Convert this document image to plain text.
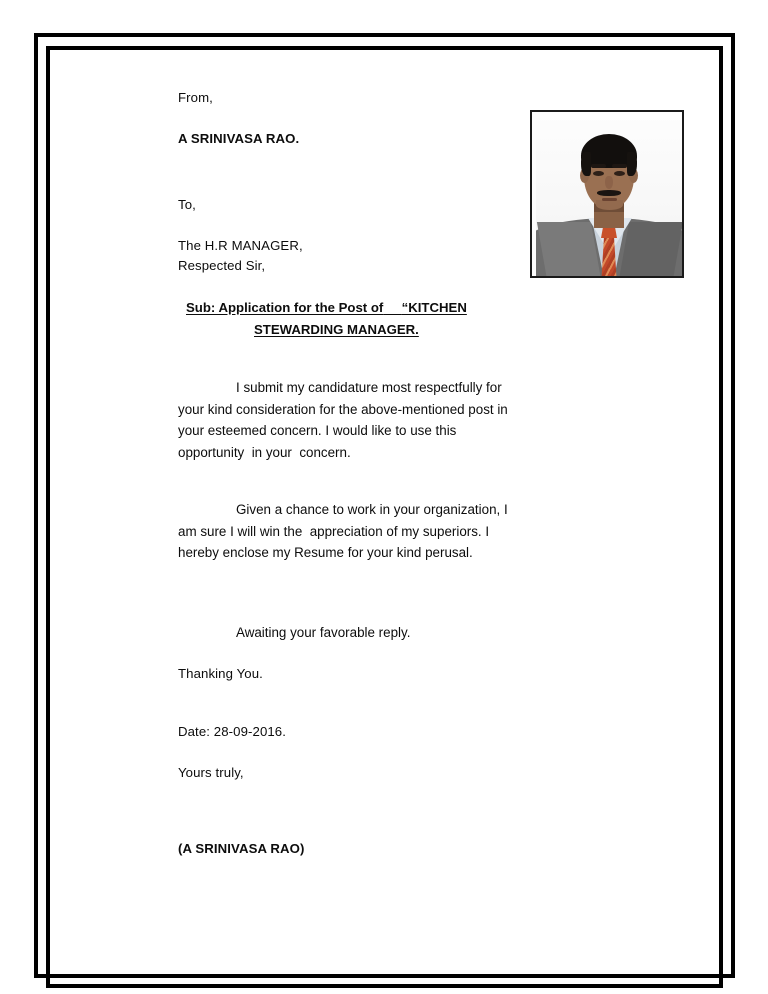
From,

A SRINIVASA RAO.

To,

The H.R MANAGER,

Respected Sir,

Sub: Application for the Post of “KITCHEN
STEWARDING MANAGER.

I submit my candidature most respectfully for your kind consideration for the above-mentioned post in your esteemed concern. I would like to use this opportunity  in your  concern.

Given a chance to work in your organization, I am sure I will win the  appreciation of my superiors. I hereby enclose my Resume for your kind perusal.

Awaiting your favorable reply.

Thanking You.

Date: 28-09-2016.

Yours truly,

(A SRINIVASA RAO)
